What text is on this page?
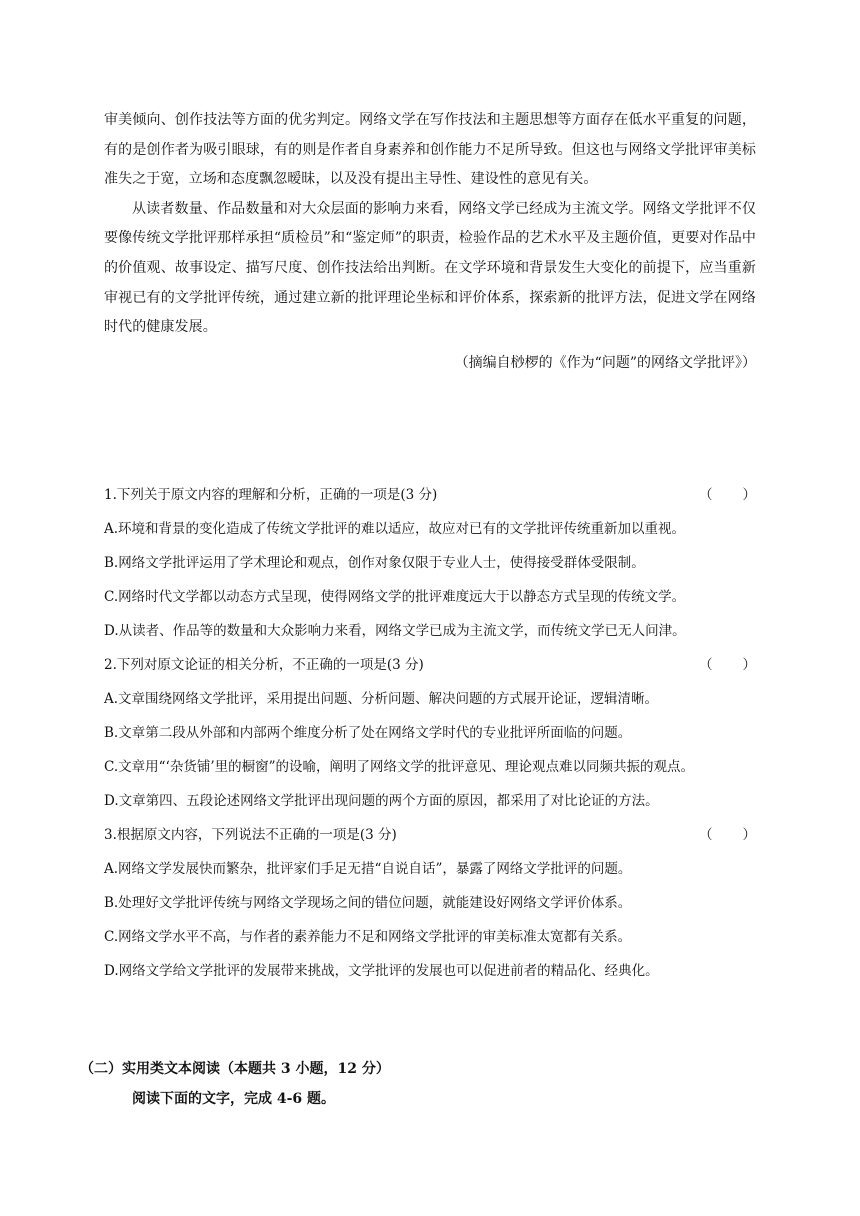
审美倾向、创作技法等方面的优劣判定。网络文学在写作技法和主题思想等方面存在低水平重复的问题，有的是创作者为吸引眼球，有的则是作者自身素养和创作能力不足所导致。但这也与网络文学批评审美标准失之于宽，立场和态度飘忽暧昧，以及没有提出主导性、建设性的意见有关。

从读者数量、作品数量和对大众层面的影响力来看，网络文学已经成为主流文学。网络文学批评不仅要像传统文学批评那样承担“质检员”和“鉴定师”的职责，检验作品的艺术水平及主题价值，更要对作品中的价值观、故事设定、描写尺度、创作技法给出判断。在文学环境和背景发生大变化的前提下，应当重新审视已有的文学批评传统，通过建立新的批评理论坐标和评价体系，探索新的批评方法，促进文学在网络时代的健康发展。

（摘编自桫椤的《作为“问题”的网络文学批评》）

1.下列关于原文内容的理解和分析，正确的一项是(3 分)	（       ）

A.环境和背景的变化造成了传统文学批评的难以适应，故应对已有的文学批评传统重新加以重视。

B.网络文学批评运用了学术理论和观点，创作对象仅限于专业人士，使得接受群体受限制。

C.网络时代文学都以动态方式呈现，使得网络文学的批评难度远大于以静态方式呈现的传统文学。

D.从读者、作品等的数量和大众影响力来看，网络文学已成为主流文学，而传统文学已无人问津。

2.下列对原文论证的相关分析，不正确的一项是(3 分)	（       ）

A.文章围绕网络文学批评，采用提出问题、分析问题、解决问题的方式展开论证，逻辑清晰。

B.文章第二段从外部和内部两个维度分析了处在网络文学时代的专业批评所面临的问题。

C.文章用“‘杂货铺’里的橱窗”的设喻，阐明了网络文学的批评意见、理论观点难以同频共振的观点。

D.文章第四、五段论述网络文学批评出现问题的两个方面的原因，都采用了对比论证的方法。

3.根据原文内容，下列说法不正确的一项是(3 分)	（       ）

A.网络文学发展快而繁杂，批评家们手足无措“自说自话”，暴露了网络文学批评的问题。

B.处理好文学批评传统与网络文学现场之间的错位问题，就能建设好网络文学评价体系。

C.网络文学水平不高，与作者的素养能力不足和网络文学批评的审美标准太宽都有关系。

D.网络文学给文学批评的发展带来挑战，文学批评的发展也可以促进前者的精品化、经典化。

（二）实用类文本阅读（本题共 3 小题，12 分）

阅读下面的文字，完成 4-6 题。
